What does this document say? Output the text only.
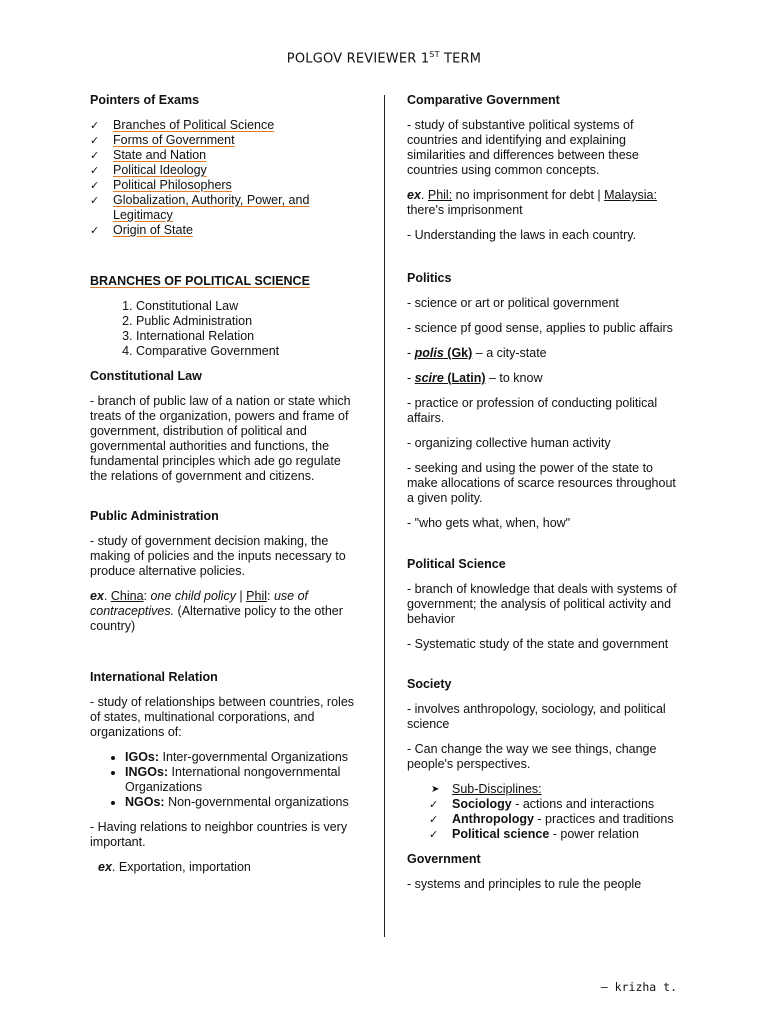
POLGOV REVIEWER 1ST TERM
Pointers of Exams
✓ Branches of Political Science
✓ Forms of Government
✓ State and Nation
✓ Political Ideology
✓ Political Philosophers
✓ Globalization, Authority, Power, and Legitimacy
✓ Origin of State
BRANCHES OF POLITICAL SCIENCE
1. Constitutional Law
2. Public Administration
3. International Relation
4. Comparative Government
Constitutional Law

- branch of public law of a nation or state which treats of the organization, powers and frame of government, distribution of political and governmental authorities and functions, the fundamental principles which ade go regulate the relations of government and citizens.

Public Administration

- study of government decision making, the making of policies and the inputs necessary to produce alternative policies.

ex. China: one child policy | Phil: use of contraceptives. (Alternative policy to the other country)

International Relation

- study of relationships between countries, roles of states, multinational corporations, and organizations of:

• IGOs: Inter-governmental Organizations
• INGOs: International nongovernmental Organizations
• NGOs: Non-governmental organizations

- Having relations to neighbor countries is very important.

ex. Exportation, importation

Comparative Government

- study of substantive political systems of countries and identifying and explaining similarities and differences between these countries using common concepts.

ex. Phil: no imprisonment for debt | Malaysia: there's imprisonment

- Understanding the laws in each country.

Politics

- science or art or political government

- science pf good sense, applies to public affairs

- polis (Gk) – a city-state

- scire (Latin) – to know

- practice or profession of conducting political affairs.

- organizing collective human activity

- seeking and using the power of the state to make allocations of scarce resources throughout a given polity.

- "who gets what, when, how"

Political Science

- branch of knowledge that deals with systems of government; the analysis of political activity and behavior

- Systematic study of the state and government

Society

- involves anthropology, sociology, and political science

- Can change the way we see things, change people's perspectives.

➤ Sub-Disciplines:
✓ Sociology - actions and interactions
✓ Anthropology - practices and traditions
✓ Political science - power relation
Government

- systems and principles to rule the people

– krizha t.
